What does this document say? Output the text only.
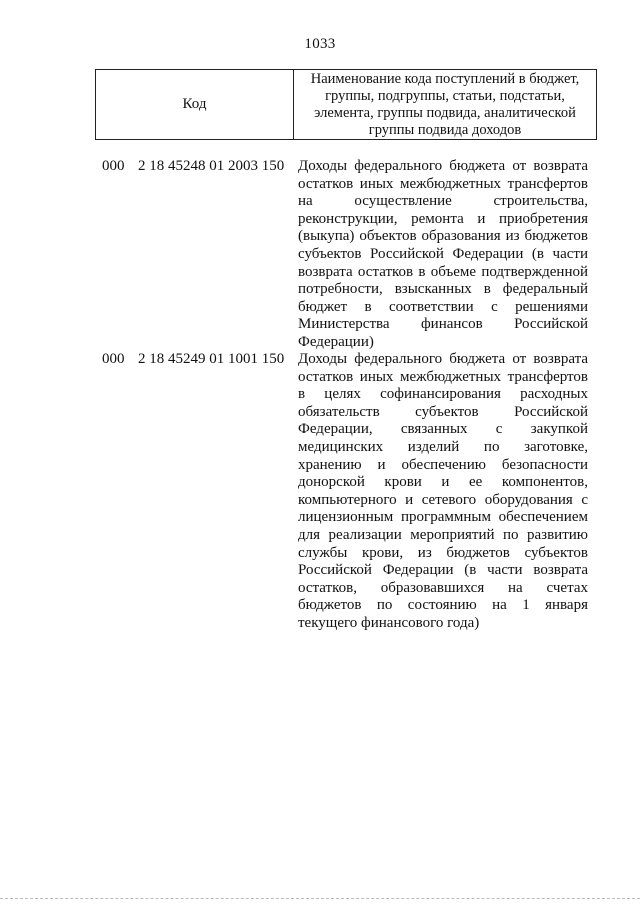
1033
Код
Наименование кода поступлений в бюджет, группы, подгруппы, статьи, подстатьи, элемента, группы подвида, аналитической группы подвида доходов
000 2 18 45248 01 2003 150 Доходы федерального бюджета от возврата
остатков иных межбюджетных трансфертов
на осуществление строительства,
реконструкции, ремонта и приобретения
(выкупа) объектов образования из бюджетов
субъектов Российской Федерации (в части
возврата остатков в объеме подтвержденной
потребности, взысканных в федеральный
бюджет в соответствии с решениями
Министерства финансов Российской
Федерации)
000 2 18 45249 01 1001 150 Доходы федерального бюджета от возврата
остатков иных межбюджетных трансфертов
в целях софинансирования расходных
обязательств субъектов Российской
Федерации, связанных с закупкой
медицинских изделий по заготовке,
хранению и обеспечению безопасности
донорской крови и ее компонентов,
компьютерного и сетевого оборудования с
лицензионным программным обеспечением
для реализации мероприятий по развитию
службы крови, из бюджетов субъектов
Российской Федерации (в части возврата
остатков, образовавшихся на счетах
бюджетов по состоянию на 1 января
текущего финансового года)
